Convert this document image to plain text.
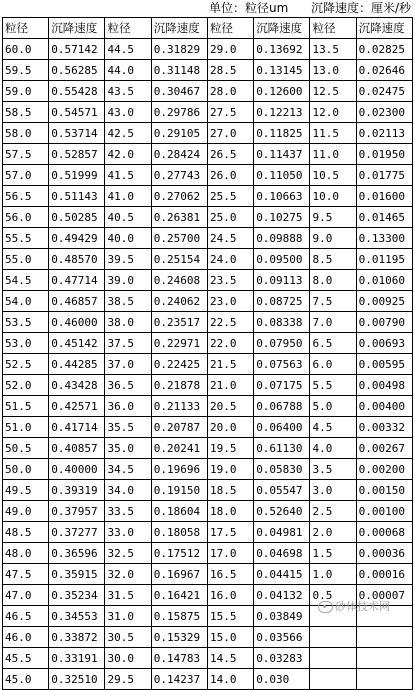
单位：粒径um 沉降速度：厘米/秒
粒径	沉降速度	粒径	沉降速度	粒径	沉降速度	粒径	沉降速度
60.0	0.57142	44.5	0.31829	29.0	0.13692	13.5	0.02825
59.5	0.56285	44.0	0.31148	28.5	0.13145	13.0	0.02646
59.0	0.55428	43.5	0.30467	28.0	0.12600	12.5	0.02475
58.5	0.54571	43.0	0.29786	27.5	0.12213	12.0	0.02300
58.0	0.53714	42.5	0.29105	27.0	0.11825	11.5	0.02113
57.5	0.52857	42.0	0.28424	26.5	0.11437	11.0	0.01950
57.0	0.51999	41.5	0.27743	26.0	0.11050	10.5	0.01775
56.5	0.51143	41.0	0.27062	25.5	0.10663	10.0	0.01600
56.0	0.50285	40.5	0.26381	25.0	0.10275	9.5	0.01465
55.5	0.49429	40.0	0.25700	24.5	0.09888	9.0	0.13300
55.0	0.48570	39.5	0.25154	24.0	0.09500	8.5	0.01195
54.5	0.47714	39.0	0.24608	23.5	0.09113	8.0	0.01060
54.0	0.46857	38.5	0.24062	23.0	0.08725	7.5	0.00925
53.5	0.46000	38.0	0.23517	22.5	0.08338	7.0	0.00790
53.0	0.45142	37.5	0.22971	22.0	0.07950	6.5	0.00693
52.5	0.44285	37.0	0.22425	21.5	0.07563	6.0	0.00595
52.0	0.43428	36.5	0.21878	21.0	0.07175	5.5	0.00498
51.5	0.42571	36.0	0.21133	20.5	0.06788	5.0	0.00400
51.0	0.41714	35.5	0.20787	20.0	0.06400	4.5	0.00332
50.5	0.40857	35.0	0.20241	19.5	0.61130	4.0	0.00267
50.0	0.40000	34.5	0.19696	19.0	0.05830	3.5	0.00200
49.5	0.39319	34.0	0.19150	18.5	0.05547	3.0	0.00150
49.0	0.37957	33.5	0.18604	18.0	0.52640	2.5	0.00100
48.5	0.37277	33.0	0.18058	17.5	0.04981	2.0	0.00068
48.0	0.36596	32.5	0.17512	17.0	0.04698	1.5	0.00036
47.5	0.35915	32.0	0.16967	16.5	0.04415	1.0	0.00016
47.0	0.35234	31.5	0.16421	16.0	0.04132	0.5	0.00007
46.5	0.34553	31.0	0.15875	15.5	0.03849		
46.0	0.33872	30.5	0.15329	15.0	0.03566		
45.5	0.33191	30.0	0.14783	14.5	0.03283		
45.0	0.32510	29.5	0.14237	14.0	0.030		
砂体技术网
